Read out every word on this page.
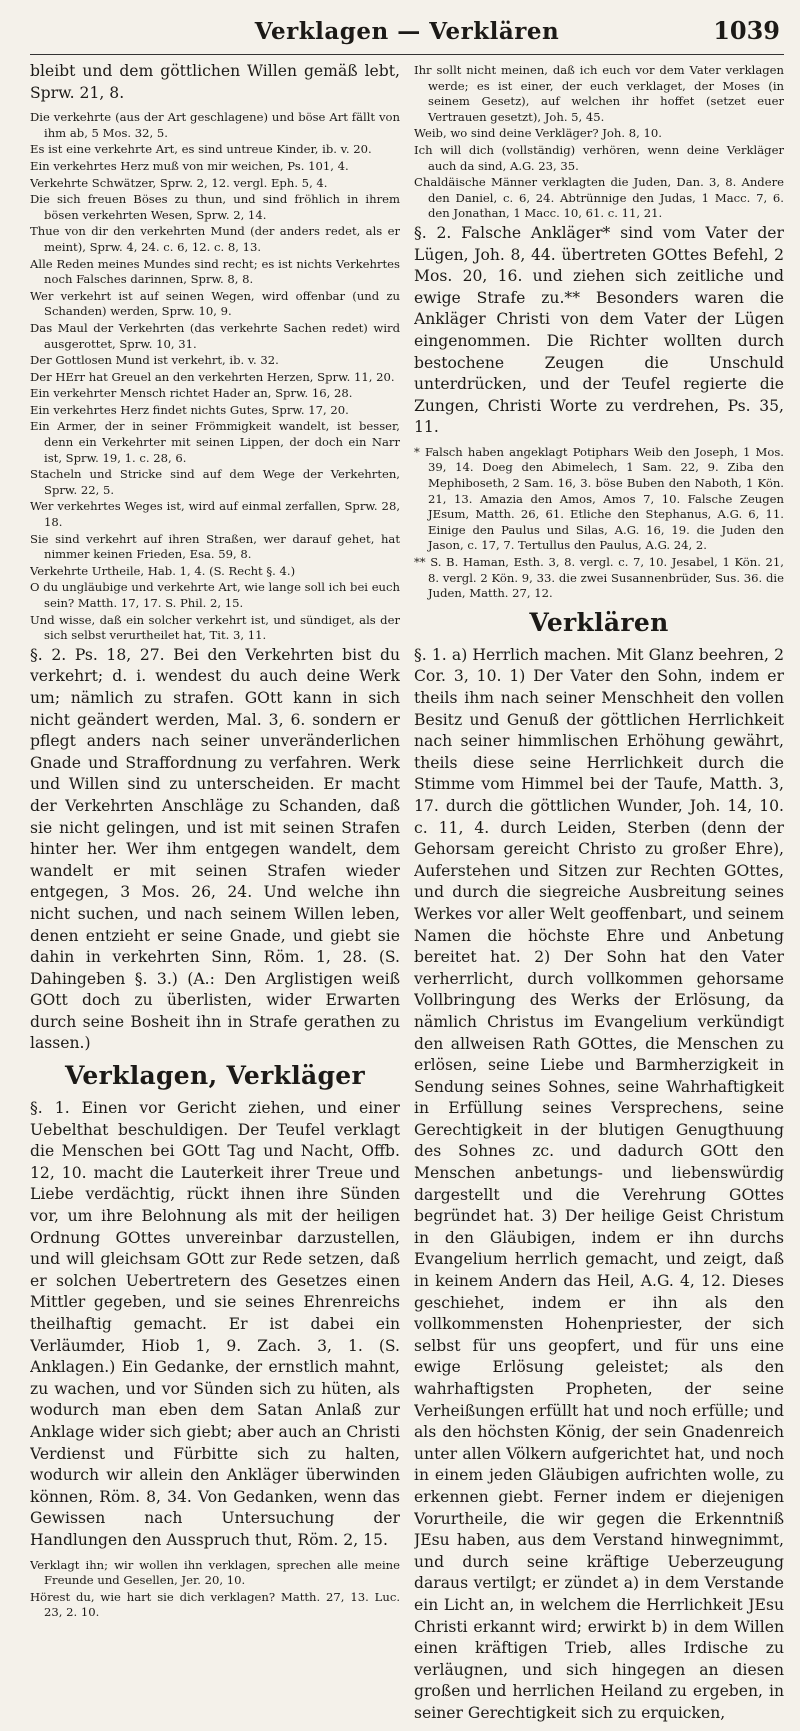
Verklagen — Verklären	1039

bleibt und dem göttlichen Willen gemäß lebt, Sprw. 21, 8.

Die verkehrte (aus der Art geschlagene) und böse Art fällt von ihm ab, 5 Mos. 32, 5.

Es ist eine verkehrte Art, es sind untreue Kinder, ib. v. 20.

Ein verkehrtes Herz muß von mir weichen, Ps. 101, 4.

Verkehrte Schwätzer, Sprw. 2, 12. vergl. Eph. 5, 4.

Die sich freuen Böses zu thun, und sind fröhlich in ihrem bösen verkehrten Wesen, Sprw. 2, 14.

Thue von dir den verkehrten Mund (der anders redet, als er meint), Sprw. 4, 24. c. 6, 12. c. 8, 13.

Alle Reden meines Mundes sind recht; es ist nichts Verkehrtes noch Falsches darinnen, Sprw. 8, 8.

Wer verkehrt ist auf seinen Wegen, wird offenbar (und zu Schanden) werden, Sprw. 10, 9.

Das Maul der Verkehrten (das verkehrte Sachen redet) wird ausgerottet, Sprw. 10, 31.

Der Gottlosen Mund ist verkehrt, ib. v. 32.

Der HErr hat Greuel an den verkehrten Herzen, Sprw. 11, 20.

Ein verkehrter Mensch richtet Hader an, Sprw. 16, 28.

Ein verkehrtes Herz findet nichts Gutes, Sprw. 17, 20.

Ein Armer, der in seiner Frömmigkeit wandelt, ist besser, denn ein Verkehrter mit seinen Lippen, der doch ein Narr ist, Sprw. 19, 1. c. 28, 6.

Stacheln und Stricke sind auf dem Wege der Verkehrten, Sprw. 22, 5.

Wer verkehrtes Weges ist, wird auf einmal zerfallen, Sprw. 28, 18.

Sie sind verkehrt auf ihren Straßen, wer darauf gehet, hat nimmer keinen Frieden, Esa. 59, 8.

Verkehrte Urtheile, Hab. 1, 4. (S. Recht §. 4.)

O du ungläubige und verkehrte Art, wie lange soll ich bei euch sein? Matth. 17, 17. S. Phil. 2, 15.

Und wisse, daß ein solcher verkehrt ist, und sündiget, als der sich selbst verurtheilet hat, Tit. 3, 11.

§. 2. Ps. 18, 27. Bei den Verkehrten bist du verkehrt; d. i. wendest du auch deine Werk um; nämlich zu strafen. GOtt kann in sich nicht geändert werden, Mal. 3, 6. sondern er pflegt anders nach seiner unveränderlichen Gnade und Straffordnung zu verfahren. Werk und Willen sind zu unterscheiden. Er macht der Verkehrten Anschläge zu Schanden, daß sie nicht gelingen, und ist mit seinen Strafen hinter her. Wer ihm entgegen wandelt, dem wandelt er mit seinen Strafen wieder entgegen, 3 Mos. 26, 24. Und welche ihn nicht suchen, und nach seinem Willen leben, denen entzieht er seine Gnade, und giebt sie dahin in verkehrten Sinn, Röm. 1, 28. (S. Dahingeben §. 3.) (A.: Den Arglistigen weiß GOtt doch zu überlisten, wider Erwarten durch seine Bosheit ihn in Strafe gerathen zu lassen.)

Verklagen, Verkläger

§. 1. Einen vor Gericht ziehen, und einer Uebelthat beschuldigen. Der Teufel verklagt die Menschen bei GOtt Tag und Nacht, Offb. 12, 10. macht die Lauterkeit ihrer Treue und Liebe verdächtig, rückt ihnen ihre Sünden vor, um ihre Belohnung als mit der heiligen Ordnung GOttes unvereinbar darzustellen, und will gleichsam GOtt zur Rede setzen, daß er solchen Uebertretern des Gesetzes einen Mittler gegeben, und sie seines Ehrenreichs theilhaftig gemacht. Er ist dabei ein Verläumder, Hiob 1, 9. Zach. 3, 1. (S. Anklagen.) Ein Gedanke, der ernstlich mahnt, zu wachen, und vor Sünden sich zu hüten, als wodurch man eben dem Satan Anlaß zur Anklage wider sich giebt; aber auch an Christi Verdienst und Fürbitte sich zu halten, wodurch wir allein den Ankläger überwinden können, Röm. 8, 34. Von Gedanken, wenn das Gewissen nach Untersuchung der Handlungen den Ausspruch thut, Röm. 2, 15.

Verklagt ihn; wir wollen ihn verklagen, sprechen alle meine Freunde und Gesellen, Jer. 20, 10.

Hörest du, wie hart sie dich verklagen? Matth. 27, 13. Luc. 23, 2. 10.

Ihr sollt nicht meinen, daß ich euch vor dem Vater verklagen werde; es ist einer, der euch verklaget, der Moses (in seinem Gesetz), auf welchen ihr hoffet (setzet euer Vertrauen gesetzt), Joh. 5, 45.

Weib, wo sind deine Verkläger? Joh. 8, 10.

Ich will dich (vollständig) verhören, wenn deine Verkläger auch da sind, A.G. 23, 35.

Chaldäische Männer verklagten die Juden, Dan. 3, 8. Andere den Daniel, c. 6, 24. Abtrünnige den Judas, 1 Macc. 7, 6. den Jonathan, 1 Macc. 10, 61. c. 11, 21.

§. 2. Falsche Ankläger* sind vom Vater der Lügen, Joh. 8, 44. übertreten GOttes Befehl, 2 Mos. 20, 16. und ziehen sich zeitliche und ewige Strafe zu.** Besonders waren die Ankläger Christi von dem Vater der Lügen eingenommen. Die Richter wollten durch bestochene Zeugen die Unschuld unterdrücken, und der Teufel regierte die Zungen, Christi Worte zu verdrehen, Ps. 35, 11.

* Falsch haben angeklagt Potiphars Weib den Joseph, 1 Mos. 39, 14. Doeg den Abimelech, 1 Sam. 22, 9. Ziba den Mephiboseth, 2 Sam. 16, 3. böse Buben den Naboth, 1 Kön. 21, 13. Amazia den Amos, Amos 7, 10. Falsche Zeugen JEsum, Matth. 26, 61. Etliche den Stephanus, A.G. 6, 11. Einige den Paulus und Silas, A.G. 16, 19. die Juden den Jason, c. 17, 7. Tertullus den Paulus, A.G. 24, 2.

** S. B. Haman, Esth. 3, 8. vergl. c. 7, 10. Jesabel, 1 Kön. 21, 8. vergl. 2 Kön. 9, 33. die zwei Susannenbrüder, Sus. 36. die Juden, Matth. 27, 12.

Verklären

§. 1. a) Herrlich machen. Mit Glanz beehren, 2 Cor. 3, 10. 1) Der Vater den Sohn, indem er theils ihm nach seiner Menschheit den vollen Besitz und Genuß der göttlichen Herrlichkeit nach seiner himmlischen Erhöhung gewährt, theils diese seine Herrlichkeit durch die Stimme vom Himmel bei der Taufe, Matth. 3, 17. durch die göttlichen Wunder, Joh. 14, 10. c. 11, 4. durch Leiden, Sterben (denn der Gehorsam gereicht Christo zu großer Ehre), Auferstehen und Sitzen zur Rechten GOttes, und durch die siegreiche Ausbreitung seines Werkes vor aller Welt geoffenbart, und seinem Namen die höchste Ehre und Anbetung bereitet hat. 2) Der Sohn hat den Vater verherrlicht, durch vollkommen gehorsame Vollbringung des Werks der Erlösung, da nämlich Christus im Evangelium verkündigt den allweisen Rath GOttes, die Menschen zu erlösen, seine Liebe und Barmherzigkeit in Sendung seines Sohnes, seine Wahrhaftigkeit in Erfüllung seines Versprechens, seine Gerechtigkeit in der blutigen Genugthuung des Sohnes zc. und dadurch GOtt den Menschen anbetungs- und liebenswürdig dargestellt und die Verehrung GOttes begründet hat. 3) Der heilige Geist Christum in den Gläubigen, indem er ihn durchs Evangelium herrlich gemacht, und zeigt, daß in keinem Andern das Heil, A.G. 4, 12. Dieses geschiehet, indem er ihn als den vollkommensten Hohenpriester, der sich selbst für uns geopfert, und für uns eine ewige Erlösung geleistet; als den wahrhaftigsten Propheten, der seine Verheißungen erfüllt hat und noch erfülle; und als den höchsten König, der sein Gnadenreich unter allen Völkern aufgerichtet hat, und noch in einem jeden Gläubigen aufrichten wolle, zu erkennen giebt. Ferner indem er diejenigen Vorurtheile, die wir gegen die Erkenntniß JEsu haben, aus dem Verstand hinwegnimmt, und durch seine kräftige Ueberzeugung daraus vertilgt; er zündet a) in dem Verstande ein Licht an, in welchem die Herrlichkeit JEsu Christi erkannt wird; erwirkt b) in dem Willen einen kräftigen Trieb, alles Irdische zu verläugnen, und sich hingegen an diesen großen und herrlichen Heiland zu ergeben, in seiner Gerechtigkeit sich zu erquicken,
